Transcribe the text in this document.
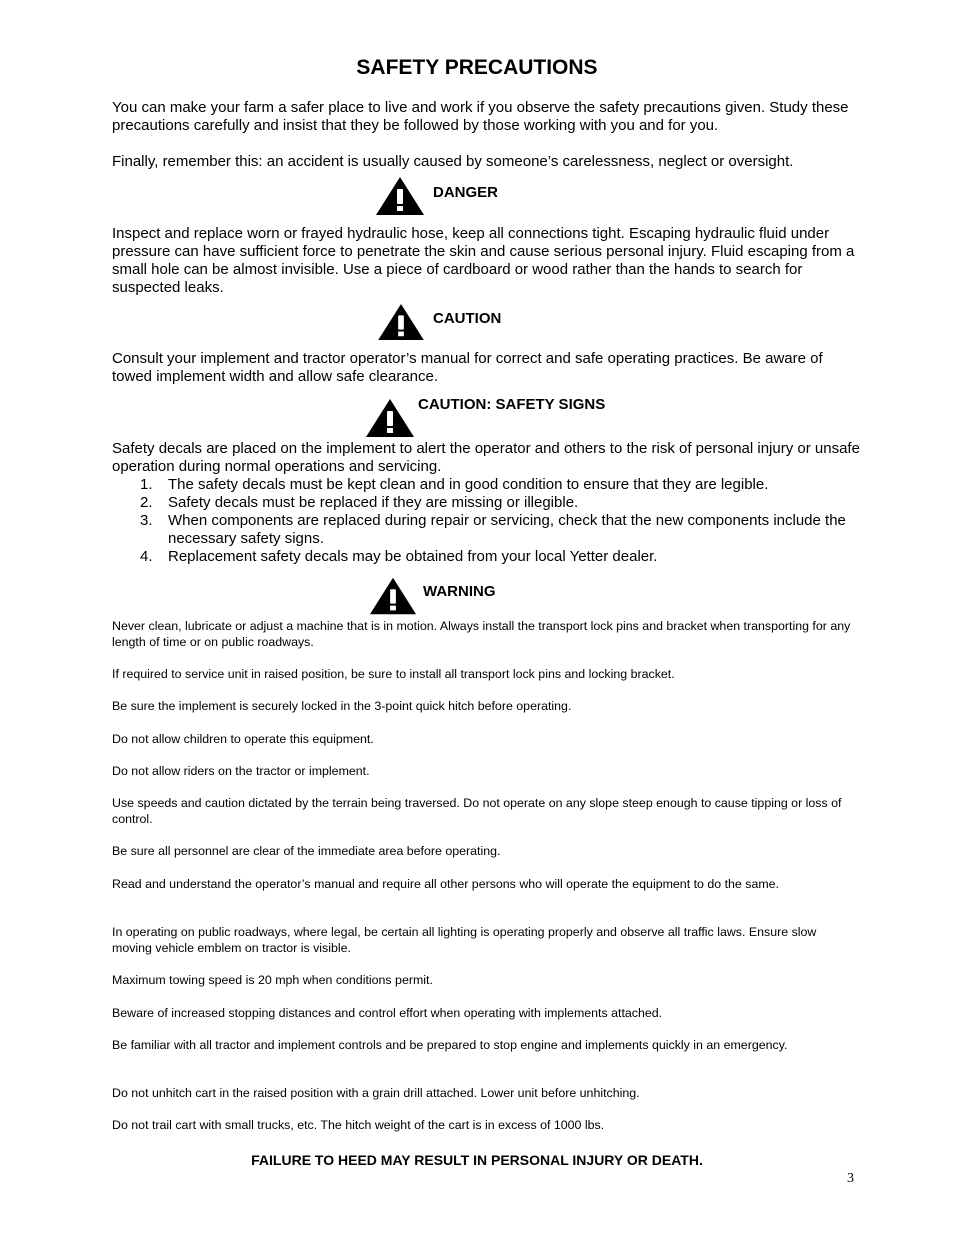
SAFETY PRECAUTIONS

You can make your farm a safer place to live and work if you observe the safety precautions given. Study these precautions carefully and insist that they be followed by those working with you and for you.

Finally, remember this: an accident is usually caused by someone’s carelessness, neglect or oversight.

DANGER

Inspect and replace worn or frayed hydraulic hose, keep all connections tight. Escaping hydraulic fluid under pressure can have sufficient force to penetrate the skin and cause serious personal injury. Fluid escaping from a small hole can be almost invisible. Use a piece of cardboard or wood rather than the hands to search for suspected leaks.

CAUTION

Consult your implement and tractor operator’s manual for correct and safe operating practices. Be aware of towed implement width and allow safe clearance.

CAUTION: SAFETY SIGNS

Safety decals are placed on the implement to alert the operator and others to the risk of personal injury or unsafe operation during normal operations and servicing.

1. The safety decals must be kept clean and in good condition to ensure that they are legible.
2. Safety decals must be replaced if they are missing or illegible.
3. When components are replaced during repair or servicing, check that the new components include the necessary safety signs.
4. Replacement safety decals may be obtained from your local Yetter dealer.
WARNING

Never clean, lubricate or adjust a machine that is in motion. Always install the transport lock pins and bracket when transporting for any length of time or on public roadways.

If required to service unit in raised position, be sure to install all transport lock pins and locking bracket.

Be sure the implement is securely locked in the 3-point quick hitch before operating.

Do not allow children to operate this equipment.

Do not allow riders on the tractor or implement.

Use speeds and caution dictated by the terrain being traversed. Do not operate on any slope steep enough to cause tipping or loss of control.

Be sure all personnel are clear of the immediate area before operating.

Read and understand the operator’s manual and require all other persons who will operate the equipment to do the same.

In operating on public roadways, where legal, be certain all lighting is operating properly and observe all traffic laws. Ensure slow moving vehicle emblem on tractor is visible.

Maximum towing speed is 20 mph when conditions permit.

Beware of increased stopping distances and control effort when operating with implements attached.

Be familiar with all tractor and implement controls and be prepared to stop engine and implements quickly in an emergency.

Do not unhitch cart in the raised position with a grain drill attached. Lower unit before unhitching.

Do not trail cart with small trucks, etc. The hitch weight of the cart is in excess of 1000 lbs.

FAILURE TO HEED MAY RESULT IN PERSONAL INJURY OR DEATH.

3
